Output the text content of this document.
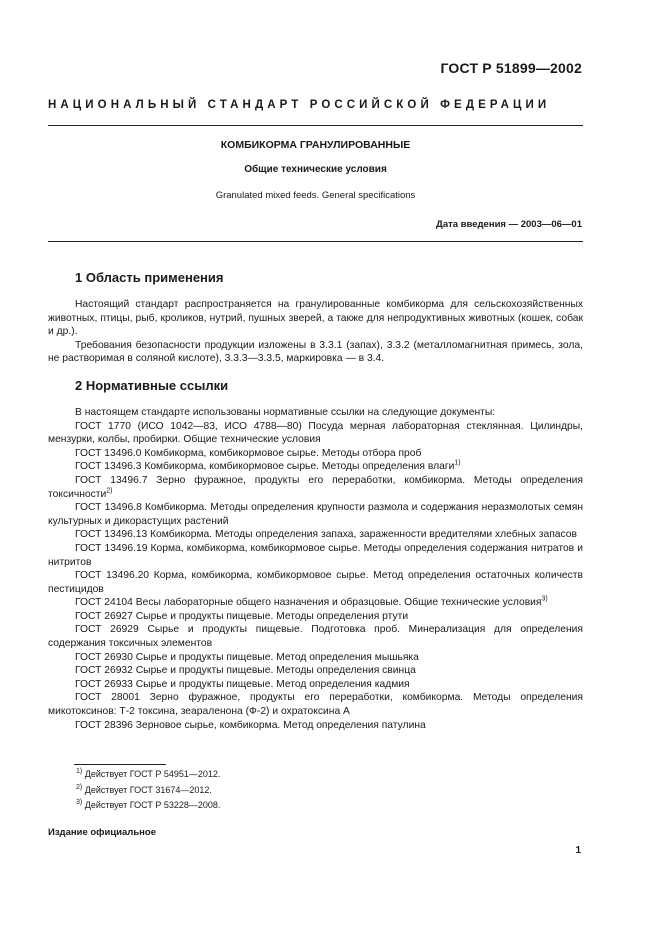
ГОСТ Р 51899—2002
НАЦИОНАЛЬНЫЙ СТАНДАРТ РОССИЙСКОЙ ФЕДЕРАЦИИ
КОМБИКОРМА ГРАНУЛИРОВАННЫЕ
Общие технические условия
Granulated mixed feeds. General specifications
Дата введения — 2003—06—01
1 Область применения

Настоящий стандарт распространяется на гранулированные комбикорма для сельскохозяйственных животных, птицы, рыб, кроликов, нутрий, пушных зверей, а также для непродуктивных животных (кошек, собак и др.).

Требования безопасности продукции изложены в 3.3.1 (запах), 3.3.2 (металломагнитная примесь, зола, не растворимая в соляной кислоте), 3.3.3—3.3.5, маркировка — в 3.4.

2 Нормативные ссылки

В настоящем стандарте использованы нормативные ссылки на следующие документы:

ГОСТ 1770 (ИСО 1042—83, ИСО 4788—80) Посуда мерная лабораторная стеклянная. Цилиндры, мензурки, колбы, пробирки. Общие технические условия

ГОСТ 13496.0 Комбикорма, комбикормовое сырье. Методы отбора проб

ГОСТ 13496.3 Комбикорма, комбикормовое сырье. Методы определения влаги$^{1)}$

ГОСТ 13496.7 Зерно фуражное, продукты его переработки, комбикорма. Методы определения токсичности$^{2)}$

ГОСТ 13496.8 Комбикорма. Методы определения крупности размола и содержания неразмолотых семян культурных и дикорастущих растений

ГОСТ 13496.13 Комбикорма. Методы определения запаха, зараженности вредителями хлебных запасов

ГОСТ 13496.19 Корма, комбикорма, комбикормовое сырье. Методы определения содержания нитратов и нитритов

ГОСТ 13496.20 Корма, комбикорма, комбикормовое сырье. Метод определения остаточных количеств пестицидов

ГОСТ 24104 Весы лабораторные общего назначения и образцовые. Общие технические условия$^{3)}$

ГОСТ 26927 Сырье и продукты пищевые. Методы определения ртути

ГОСТ 26929 Сырье и продукты пищевые. Подготовка проб. Минерализация для определения содержания токсичных элементов

ГОСТ 26930 Сырье и продукты пищевые. Метод определения мышьяка

ГОСТ 26932 Сырье и продукты пищевые. Методы определения свинца

ГОСТ 26933 Сырье и продукты пищевые. Метод определения кадмия

ГОСТ 28001 Зерно фуражное, продукты его переработки, комбикорма. Методы определения микотоксинов: Т-2 токсина, зеараленона (Ф-2) и охратоксина А

ГОСТ 28396 Зерновое сырье, комбикорма. Метод определения патулина

$^{1)}$ Действует ГОСТ Р 54951—2012.
$^{2)}$ Действует ГОСТ 31674—2012.
$^{3)}$ Действует ГОСТ Р 53228—2008.
Издание официальное
1
